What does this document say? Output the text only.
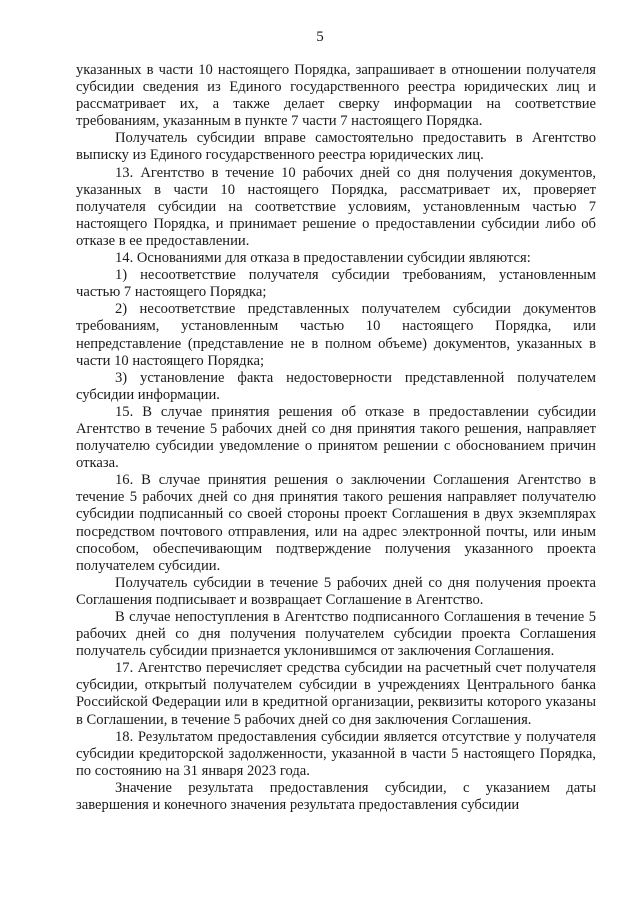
5

указанных в части 10 настоящего Порядка, запрашивает в отношении получателя субсидии сведения из Единого государственного реестра юридических лиц и рассматривает их, а также делает сверку информации на соответствие требованиям, указанным в пункте 7 части 7 настоящего Порядка.

Получатель субсидии вправе самостоятельно предоставить в Агентство выписку из Единого государственного реестра юридических лиц.

13. Агентство в течение 10 рабочих дней со дня получения документов, указанных в части 10 настоящего Порядка, рассматривает их, проверяет получателя субсидии на соответствие условиям, установленным частью 7 настоящего Порядка, и принимает решение о предоставлении субсидии либо об отказе в ее предоставлении.

14. Основаниями для отказа в предоставлении субсидии являются:

1) несоответствие получателя субсидии требованиям, установленным частью 7 настоящего Порядка;

2) несоответствие представленных получателем субсидии документов требованиям, установленным частью 10 настоящего Порядка, или непредставление (представление не в полном объеме) документов, указанных в части 10 настоящего Порядка;

3) установление факта недостоверности представленной получателем субсидии информации.

15. В случае принятия решения об отказе в предоставлении субсидии Агентство в течение 5 рабочих дней со дня принятия такого решения, направляет получателю субсидии уведомление о принятом решении с обоснованием причин отказа.

16. В случае принятия решения о заключении Соглашения Агентство в течение 5 рабочих дней со дня принятия такого решения направляет получателю субсидии подписанный со своей стороны проект Соглашения в двух экземплярах посредством почтового отправления, или на адрес электронной почты, или иным способом, обеспечивающим подтверждение получения указанного проекта получателем субсидии.

Получатель субсидии в течение 5 рабочих дней со дня получения проекта Соглашения подписывает и возвращает Соглашение в Агентство.

В случае непоступления в Агентство подписанного Соглашения в течение 5 рабочих дней со дня получения получателем субсидии проекта Соглашения получатель субсидии признается уклонившимся от заключения Соглашения.

17. Агентство перечисляет средства субсидии на расчетный счет получателя субсидии, открытый получателем субсидии в учреждениях Центрального банка Российской Федерации или в кредитной организации, реквизиты которого указаны в Соглашении, в течение 5 рабочих дней со дня заключения Соглашения.

18. Результатом предоставления субсидии является отсутствие у получателя субсидии кредиторской задолженности, указанной в части 5 настоящего Порядка, по состоянию на 31 января 2023 года.

Значение результата предоставления субсидии, с указанием даты завершения и конечного значения результата предоставления субсидии
